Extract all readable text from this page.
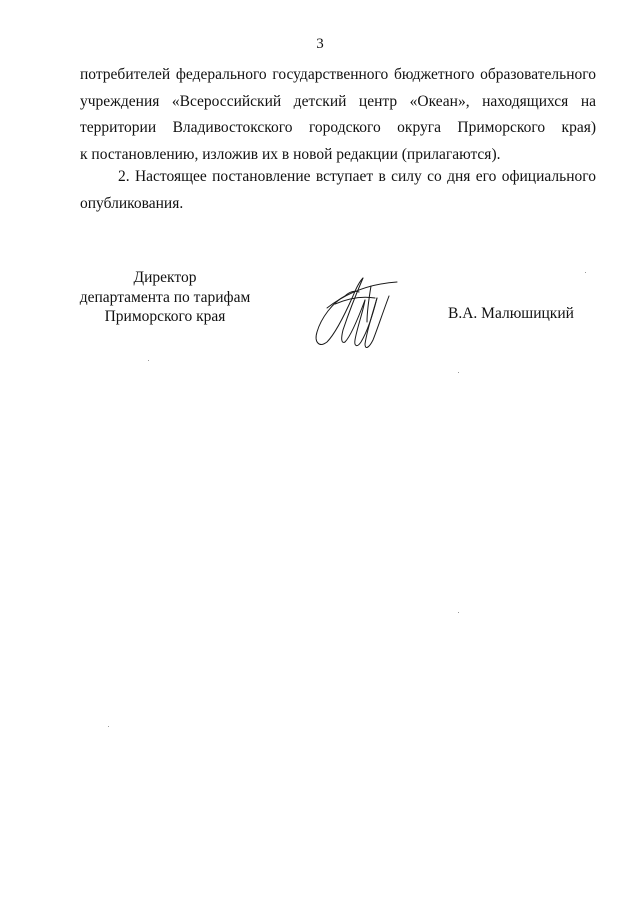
3
потребителей федерального государственного бюджетного образовательного
учреждения «Всероссийский детский центр «Океан», находящихся на
территории Владивостокского городского округа Приморского края)
к постановлению, изложив их в новой редакции (прилагаются).
2. Настоящее постановление вступает в силу со дня его официального
опубликования.
Директор
департамента по тарифам
Приморского края	В.А. Малюшицкий
